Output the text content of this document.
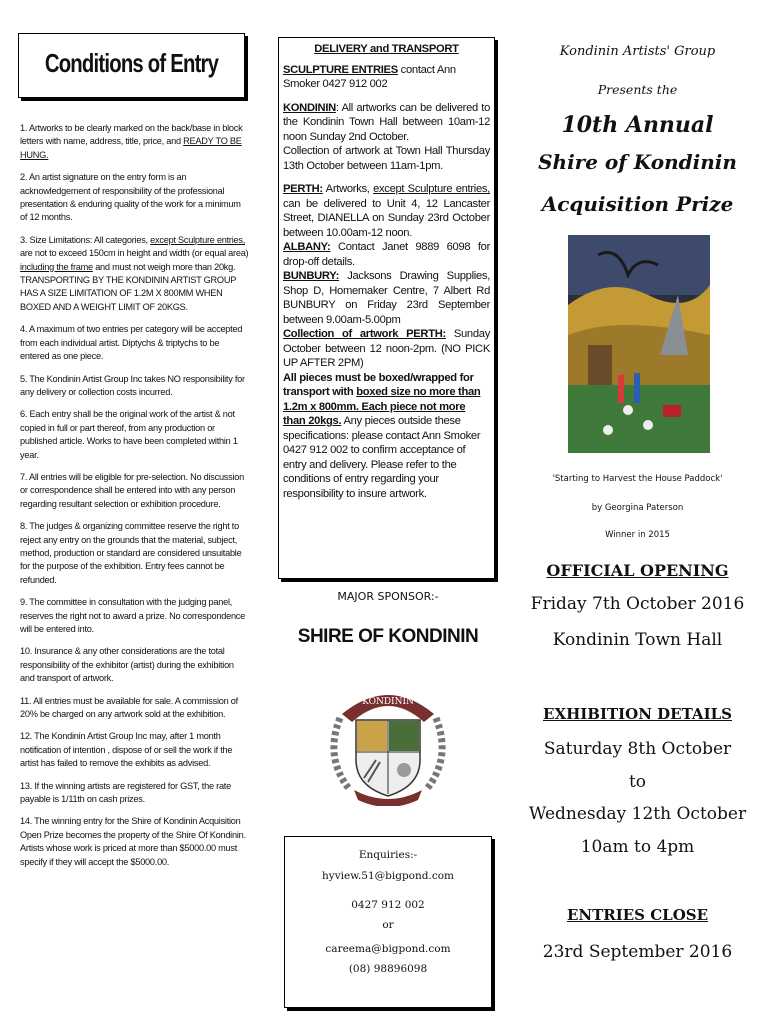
Conditions of Entry

1. Artworks to be clearly marked on the back/base in block letters with name, address, title, price, and READY TO BE HUNG.

2. An artist signature on the entry form is an acknowledgement of responsibility of the professional presentation & enduring quality of the work for a minimum of 12 months.

3. Size Limitations: All categories, except Sculpture entries, are not to exceed 150cm in height and width (or equal area) including the frame and must not weigh more than 20kg. TRANSPORTING BY THE KONDININ ARTIST GROUP HAS A SIZE LIMITATION OF 1.2M X 800MM WHEN BOXED AND A WEIGHT LIMIT OF 20KGS.

4. A maximum of two entries per category will be accepted from each individual artist. Diptychs & triptychs to be entered as one piece.

5. The Kondinin Artist Group Inc takes NO responsibility for any delivery or collection costs incurred.

6. Each entry shall be the original work of the artist & not copied in full or part thereof, from any production or published article. Works to have been completed within 1 year.

7. All entries will be eligible for pre-selection. No discussion or correspondence shall be entered into with any person regarding resultant selection or exhibition procedure.

8. The judges & organizing committee reserve the right to reject any entry on the grounds that the material, subject, method, production or standard are considered unsuitable for the purpose of the exhibition. Entry fees cannot be refunded.

9. The committee in consultation with the judging panel, reserves the right not to award a prize. No correspondence will be entered into.

10. Insurance & any other considerations are the total responsibility of the exhibitor (artist) during the exhibition and transport of artwork.

11. All entries must be available for sale. A commission of 20% be charged on any artwork sold at the exhibition.

12. The Kondinin Artist Group Inc may, after 1 month notification of intention , dispose of or sell the work if the artist has failed to remove the exhibits as advised.

13. If the winning artists are registered for GST, the rate payable is 1/11th on cash prizes.

14. The winning entry for the Shire of Kondinin Acquisition Open Prize becomes the property of the Shire Of Kondinin. Artists whose work is priced at more than $5000.00 must specify if they will accept the $5000.00.

DELIVERY and TRANSPORT

SCULPTURE ENTRIES contact Ann Smoker 0427 912 002

KONDININ: All artworks can be delivered to the Kondinin Town Hall between 10am-12 noon Sunday 2nd October.
Collection of artwork at Town Hall Thursday 13th October between 11am-1pm.

PERTH: Artworks, except Sculpture entries, can be delivered to Unit 4, 12 Lancaster Street, DIANELLA on Sunday 23rd October between 10.00am-12 noon.

ALBANY: Contact Janet 9889 6098 for drop-off details.

BUNBURY: Jacksons Drawing Supplies, Shop D, Homemaker Centre, 7 Albert Rd BUNBURY on Friday 23rd September between 9.00am-5.00pm

Collection of artwork PERTH: Sunday October between 12 noon-2pm. (NO PICK UP AFTER 2PM)

All pieces must be boxed/wrapped for transport with boxed size no more than 1.2m x 800mm. Each piece not more than 20kgs. Any pieces outside these specifications: please contact Ann Smoker 0427 912 002 to confirm acceptance of entry and delivery. Please refer to the conditions of entry regarding your responsibility to insure artwork.

MAJOR SPONSOR:-
SHIRE OF KONDININ
KONDININ
Enquiries:-
hyview.51@bigpond.com
0427 912 002
or
careema@bigpond.com
(08) 98896098
Kondinin Artists' Group
Presents the
10th Annual
Shire of Kondinin
Acquisition Prize
'Starting to Harvest the House Paddock'
by Georgina Paterson
Winner in 2015
OFFICIAL OPENING
Friday 7th October 2016
Kondinin Town Hall
EXHIBITION DETAILS
Saturday 8th October
to
Wednesday 12th October
10am to 4pm
ENTRIES CLOSE
23rd September 2016
